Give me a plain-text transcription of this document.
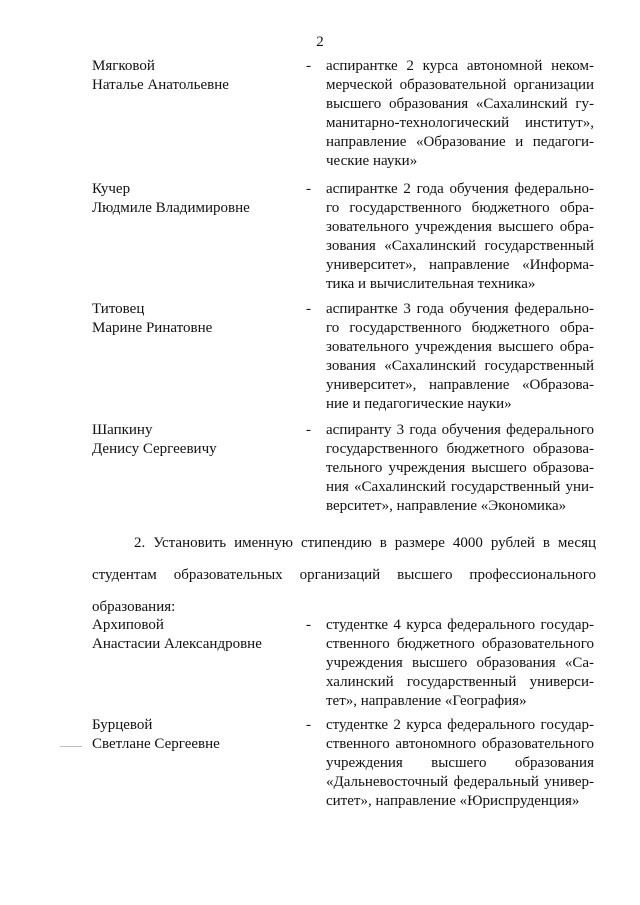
2
Мягковой
Наталье Анатольевне
- аспирантке 2 курса автономной неком-
мерческой образовательной организации
высшего образования «Сахалинский гу-
манитарно-технологический институт»,
направление «Образование и педагоги-
ческие науки»
Кучер
Людмиле Владимировне
- аспирантке 2 года обучения федерально-
го государственного бюджетного обра-
зовательного учреждения высшего обра-
зования «Сахалинский государственный
университет», направление «Информа-
тика и вычислительная техника»
Титовец
Марине Ринатовне
- аспирантке 3 года обучения федерально-
го государственного бюджетного обра-
зовательного учреждения высшего обра-
зования «Сахалинский государственный
университет», направление «Образова-
ние и педагогические науки»
Шапкину
Денису Сергеевичу
- аспиранту 3 года обучения федерального
государственного бюджетного образова-
тельного учреждения высшего образова-
ния «Сахалинский государственный уни-
верситет», направление «Экономика»
2. Установить именную стипендию в размере 4000 рублей в месяц
студентам образовательных организаций высшего профессионального
образования:
Архиповой
Анастасии Александровне
- студентке 4 курса федерального государ-
ственного бюджетного образовательного
учреждения высшего образования «Са-
халинский государственный универси-
тет», направление «География»
Бурцевой
Светлане Сергеевне
- студентке 2 курса федерального государ-
ственного автономного образовательного
учреждения высшего образования
«Дальневосточный федеральный универ-
ситет», направление «Юриспруденция»
